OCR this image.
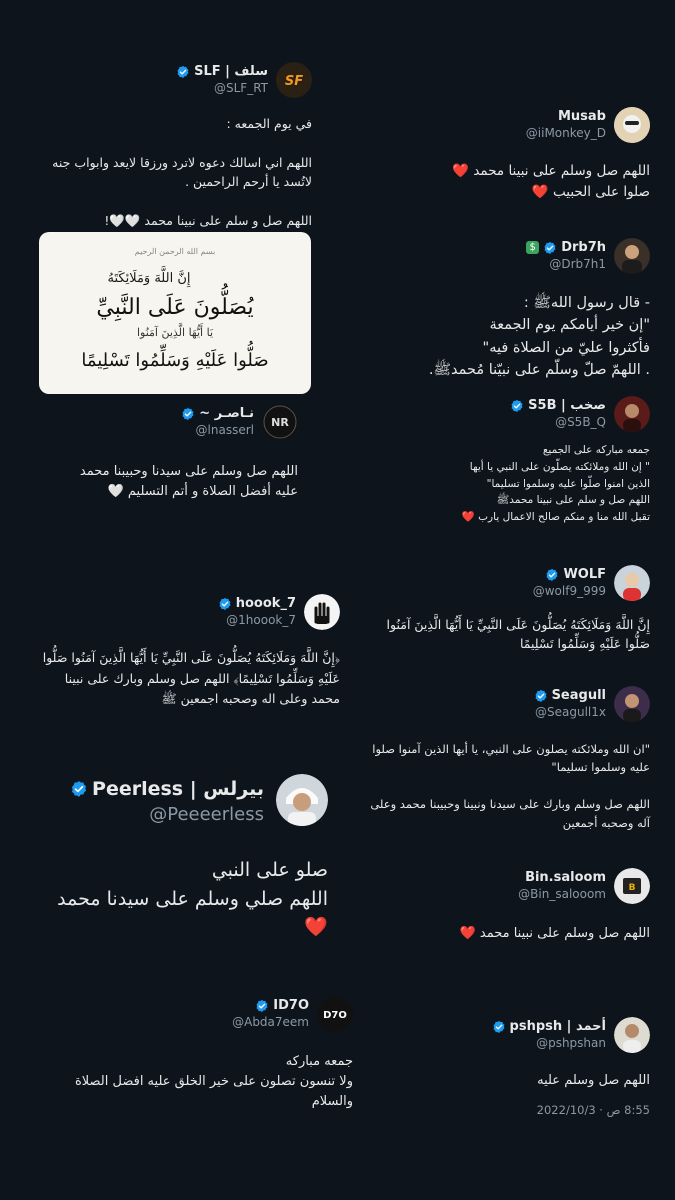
SF
سلف | SLF
@SLF_RT
في يوم الجمعه :

اللهم اني اسالك دعوه لاترد ورزقا لايعد وابواب جنه لاتُسد يا أرحم الراحمين .

اللهم صل و سلم على نبينا محمد 🤍🤍!
بسم الله الرحمن الرحيم
إِنَّ اللَّهَ وَمَلَائِكَتَهُ
يُصَلُّونَ عَلَى النَّبِيِّ
يَا أَيُّهَا الَّذِينَ آمَنُوا
صَلُّوا عَلَيْهِ وَسَلِّمُوا تَسْلِيمًا
Musab
@iiMonkey_D
اللهم صل وسلم على نبينا محمد ❤️
صلوا على الحبيب ❤️
Drb7h
$
@Drb7h1
- قال رسول اللهﷺ :
"إن خير أيامكم يوم الجمعة
فأكثروا عليّ من الصلاة فيه"
. اللهمّ صلّ وسلّم على نبيّنا مُحمدﷺ.
NR
نـاصـر ~
@lnasserl
اللهم صل وسلم على سيدنا وحبيبنا محمد
عليه أفضل الصلاة و أتم التسليم 🤍
صخب | S5B
@S5B_Q
جمعه مباركه على الجميع
" إن الله وملائكته يصلّون على النبي يا أيها الذين امنوا صلّوا عليه وسلموا تسليما"
اللهم صل و سلم على نبينا محمدﷺ
تقبل الله منا و منكم صالح الاعمال يارب ❤️
WOLF
@wolf9_999
إِنَّ اللَّهَ وَمَلَائِكَتَهُ يُصَلُّونَ عَلَى النَّبِيِّ يَا أَيُّهَا الَّذِينَ آمَنُوا صَلُّوا عَلَيْهِ وَسَلِّمُوا تَسْلِيمًا
hoook_7
@1hoook_7
﴿إِنَّ اللَّهَ وَمَلَائِكَتَهُ يُصَلُّونَ عَلَى النَّبِيِّ يَا أَيُّهَا الَّذِينَ آمَنُوا صَلُّوا عَلَيْهِ وَسَلِّمُوا تَسْلِيمًا﴾ اللهم صل وسلم وبارك على نبينا محمد وعلى اله وصحبه اجمعين ﷺ	Seagull
@Seagull1x
"ان الله وملائكته يصلون على النبي، يا أيها الذين آمنوا صلوا عليه وسلموا تسليما"

اللهم صل وسلم وبارك على سيدنا ونبينا وحبيبنا محمد وعلى آله وصحبه أجمعين
بيرلس | Peerless
@Peeeerless
صلو على النبي
اللهم صلي وسلم على سيدنا محمد ❤️
B
Bin.saloom
@Bin_salooom
اللهم صل وسلم على نبينا محمد ❤️
D7O
ID7O
@Abda7eem
جمعه مباركه
ولا تنسون تصلون على خير الخلق عليه افضل الصلاة والسلام
أحمد | pshpsh
@pshpshan
اللهم صل وسلم عليه
8:55 ص · 2022/10/3
